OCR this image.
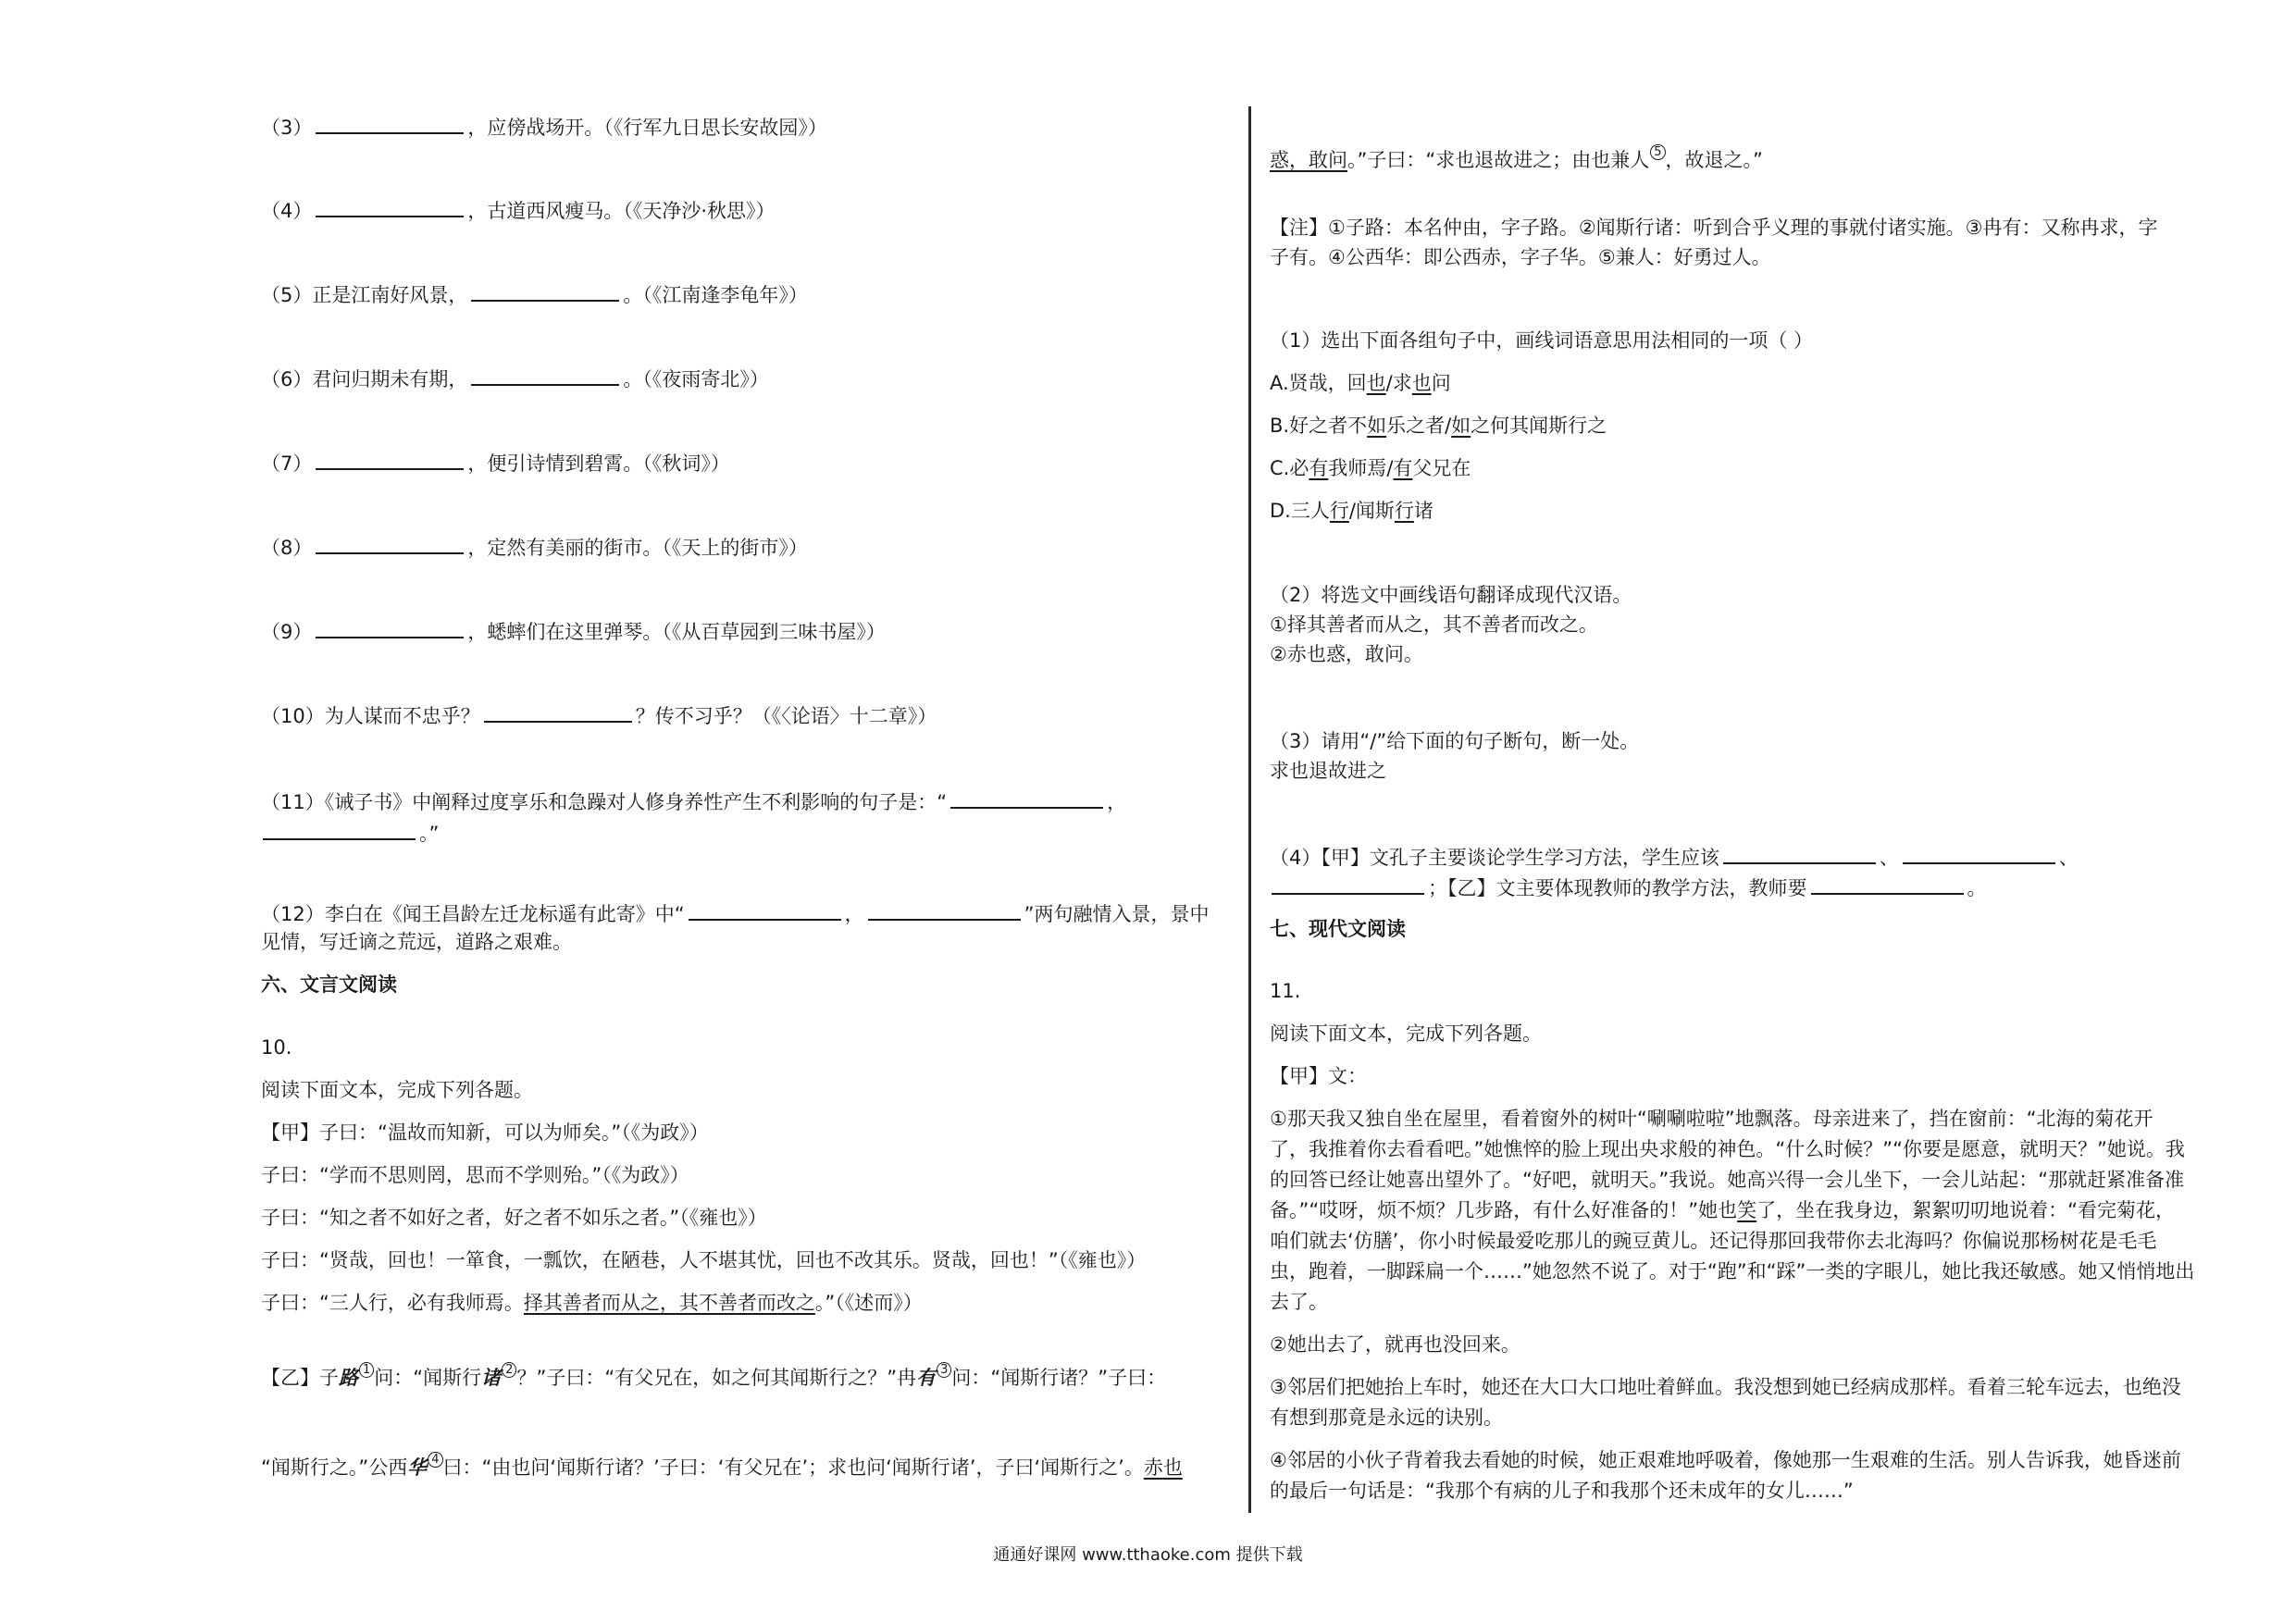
（3）	，应傍战场开。（《行军九日思长安故园》）
（4）	，古道西风瘦马。（《天净沙·秋思》）
（5）正是江南好风景，	。（《江南逢李龟年》）
（6）君问归期未有期，	。（《夜雨寄北》）
（7）	，便引诗情到碧霄。（《秋词》）
（8）	，定然有美丽的街市。（《天上的街市》）
（9）	，蟋蟀们在这里弹琴。（《从百草园到三味书屋》）
（10）为人谋而不忠乎？	？传不习乎？（《〈论语〉十二章》）
（11）《诫子书》中阐释过度享乐和急躁对人修身养性产生不利影响的句子是：“	，
。”
（12）李白在《闻王昌龄左迁龙标遥有此寄》中“	，	”两句融情入景，景中
见情，写迁谪之荒远，道路之艰难。
六、文言文阅读
10.
阅读下面文本，完成下列各题。
【甲】子曰：“温故而知新，可以为师矣。”（《为政》）
子曰：“学而不思则罔，思而不学则殆。”（《为政》）
子曰：“知之者不如好之者，好之者不如乐之者。”（《雍也》）
子曰：“贤哉，回也！一箪食，一瓢饮，在陋巷，人不堪其忧，回也不改其乐。贤哉，回也！”（《雍也》）
子曰：“三人行，必有我师焉。择其善者而从之，其不善者而改之。”（《述而》）
【乙】子路 $^1$ 问：“闻斯行诸 $^2$ ？”子曰：“有父兄在，如之何其闻斯行之？”冉有 $^3$ 问：“闻斯行诸？”子曰：
“闻斯行之。”公西华 $^4$ 曰：“由也问‘闻斯行诸？’子曰：‘有父兄在’；求也问‘闻斯行诸’，子曰‘闻斯行之’。赤也
惑，敢问。”子曰：“求也退故进之；由也兼人 $^5$ ，故退之。”
【注】①子路：本名仲由，字子路。②闻斯行诸：听到合乎义理的事就付诸实施。③冉有：又称冉求，字
子有。④公西华：即公西赤，字子华。⑤兼人：好勇过人。
（1）选出下面各组句子中，画线词语意思用法相同的一项（ ）
A.贤哉，回也/求也问
B.好之者不如乐之者/如之何其闻斯行之
C.必有我师焉/有父兄在
D.三人行/闻斯行诸
（2）将选文中画线语句翻译成现代汉语。
①择其善者而从之，其不善者而改之。
②赤也惑，敢问。
（3）请用“/”给下面的句子断句，断一处。
求也退故进之
（4）【甲】文孔子主要谈论学生学习方法，学生应该	、	、
；【乙】文主要体现教师的教学方法，教师要	。
七、现代文阅读
11.
阅读下面文本，完成下列各题。
【甲】文：
①那天我又独自坐在屋里，看着窗外的树叶“唰唰啦啦”地飘落。母亲进来了，挡在窗前：“北海的菊花开
了，我推着你去看看吧。”她憔悴的脸上现出央求般的神色。“什么时候？”“你要是愿意，就明天？”她说。我
的回答已经让她喜出望外了。“好吧，就明天。”我说。她高兴得一会儿坐下，一会儿站起：“那就赶紧准备准
备。”“哎呀，烦不烦？几步路，有什么好准备的！”她也笑了，坐在我身边，絮絮叨叨地说着：“看完菊花，
咱们就去‘仿膳’，你小时候最爱吃那儿的豌豆黄儿。还记得那回我带你去北海吗？你偏说那杨树花是毛毛
虫，跑着，一脚踩扁一个……”她忽然不说了。对于“跑”和“踩”一类的字眼儿，她比我还敏感。她又悄悄地出
去了。
②她出去了，就再也没回来。
③邻居们把她抬上车时，她还在大口大口地吐着鲜血。我没想到她已经病成那样。看着三轮车远去，也绝没
有想到那竟是永远的诀别。
④邻居的小伙子背着我去看她的时候，她正艰难地呼吸着，像她那一生艰难的生活。别人告诉我，她昏迷前
的最后一句话是：“我那个有病的儿子和我那个还未成年的女儿……”
通通好课网 www.tthaoke.com 提供下载
